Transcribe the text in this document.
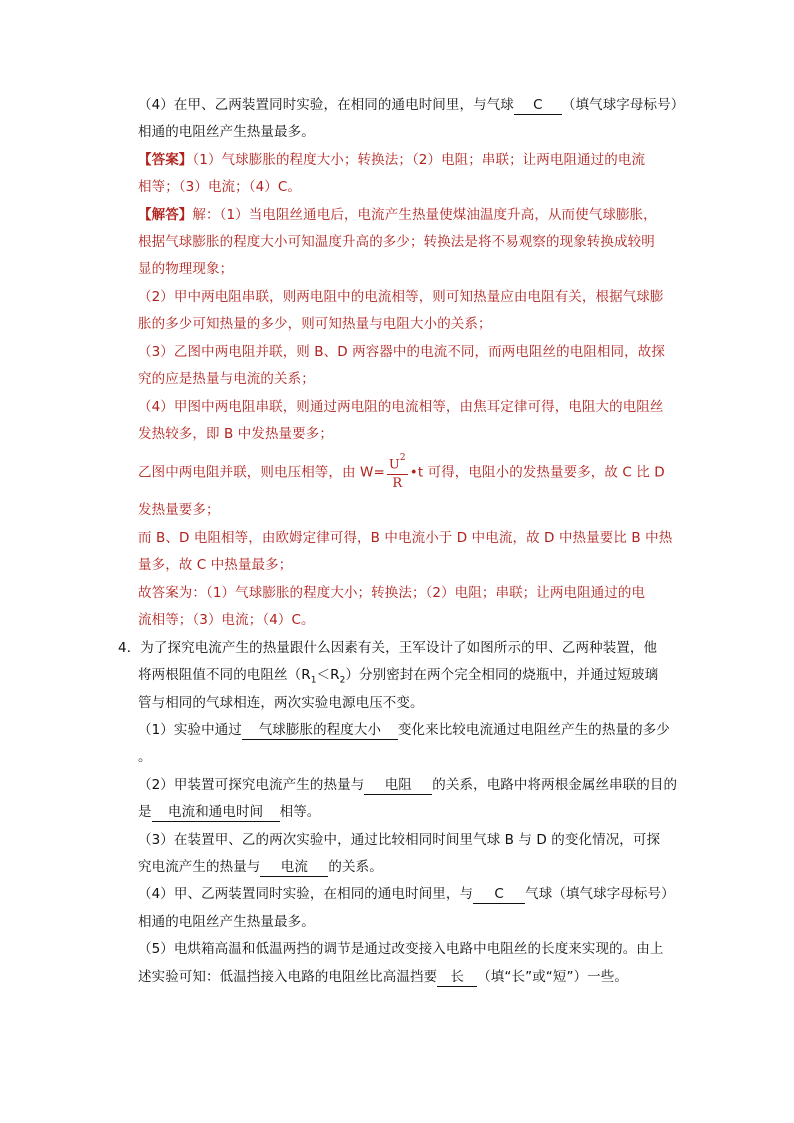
（4）在甲、乙两装置同时实验，在相同的通电时间里，与气球 C （填气球字母标号）
相通的电阻丝产生热量最多。
【答案】（1）气球膨胀的程度大小；转换法；（2）电阻；串联；让两电阻通过的电流
相等；（3）电流；（4）C。
【解答】解：（1）当电阻丝通电后，电流产生热量使煤油温度升高，从而使气球膨胀，
根据气球膨胀的程度大小可知温度升高的多少；转换法是将不易观察的现象转换成较明
显的物理现象；
（2）甲中两电阻串联，则两电阻中的电流相等，则可知热量应由电阻有关，根据气球膨
胀的多少可知热量的多少，则可知热量与电阻大小的关系；
（3）乙图中两电阻并联，则 B、D 两容器中的电流不同，而两电阻丝的电阻相同，故探
究的应是热量与电流的关系；
（4）甲图中两电阻串联，则通过两电阻的电流相等，由焦耳定律可得，电阻大的电阻丝
发热较多，即 B 中发热量要多；
乙图中两电阻并联，则电压相等，由 $W= \frac{U^2}{R}$ •t 可得，电阻小的发热量要多，故 C 比 D
发热量要多；
而 B、D 电阻相等，由欧姆定律可得，B 中电流小于 D 中电流，故 D 中热量要比 B 中热
量多，故 C 中热量最多；
故答案为：（1）气球膨胀的程度大小；转换法；（2）电阻；串联；让两电阻通过的电
流相等；（3）电流；（4）C。
4．为了探究电流产生的热量跟什么因素有关，王军设计了如图所示的甲、乙两种装置，他
将两根阻值不同的电阻丝$(R_1<R_2)$分别密封在两个完全相同的烧瓶中，并通过短玻璃
管与相同的气球相连，两次实验电源电压不变。
（1）实验中通过 气球膨胀的程度大小 变化来比较电流通过电阻丝产生的热量的多少
。
（2）甲装置可探究电流产生的热量与 电阻 的关系，电路中将两根金属丝串联的目的
是 电流和通电时间 相等。
（3）在装置甲、乙的两次实验中，通过比较相同时间里气球 B 与 D 的变化情况，可探
究电流产生的热量与 电流 的关系。
（4）甲、乙两装置同时实验，在相同的通电时间里，与 C 气球（填气球字母标号）
相通的电阻丝产生热量最多。
（5）电烘箱高温和低温两挡的调节是通过改变接入电路中电阻丝的长度来实现的。由上
述实验可知：低温挡接入电路的电阻丝比高温挡要 长 （填“长”或“短”）一些。
